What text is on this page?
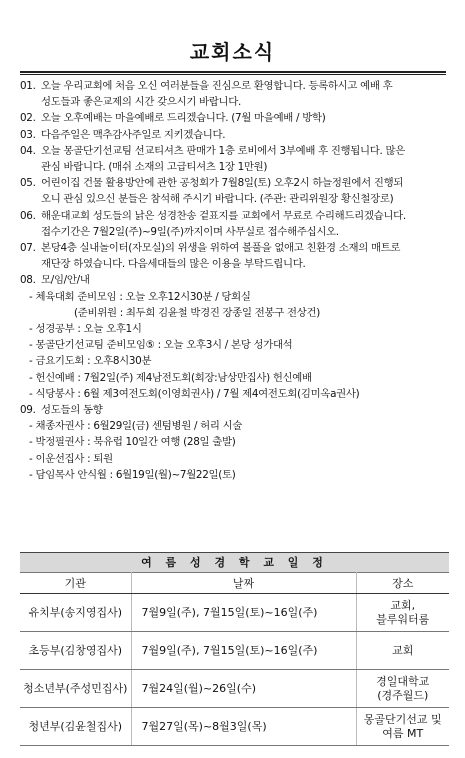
교회소식
01. 오늘 우리교회에 처음 오신 여러분들을 진심으로 환영합니다. 등록하시고 예배 후
성도들과 좋은교제의 시간 갖으시기 바랍니다.
02. 오늘 오후예배는 마을예배로 드리겠습니다. (7월 마을예배 / 방학)
03. 다음주일은 맥추감사주일로 지키겠습니다.
04. 오늘 몽골단기선교팀 선교티셔츠 판매가 1층 로비에서 3부예배 후 진행됩니다. 많은
관심 바랍니다. (매쉬 소재의 고급티셔츠 1장 1만원)
05. 어린이집 건물 활용방안에 관한 공청회가 7월8일(토) 오후2시 하늘정원에서 진행되
오니 관심 있으신 분들은 참석해 주시기 바랍니다. (주관: 관리위원장 황신철장로)
06. 해운대교회 성도들의 낡은 성경찬송 겉표지를 교회에서 무료로 수리해드리겠습니다.
접수기간은 7월2일(주)~9일(주)까지이며 사무실로 접수해주십시오.
07. 본당4층 실내놀이터(자모실)의 위생을 위하여 볼풀을 없애고 친환경 소재의 매트로
재단장 하였습니다. 다음세대들의 많은 이용을 부탁드립니다.
08. 모/임/안/내
- 체육대회 준비모임 : 오늘 오후12시30분 / 당회실
(준비위원 : 최두희 김윤철 박경진 장종일 전봉구 전상건)
- 성경공부 : 오늘 오후1시
- 몽골단기선교팀 준비모임⑤ : 오늘 오후3시 / 본당 성가대석
- 금요기도회 : 오후8시30분
- 헌신예배 : 7월2일(주) 제4남전도회(회장:남상만집사) 헌신예배
- 식당봉사 : 6월 제3여전도회(이영희권사) / 7월 제4여전도회(김미옥a권사)
09. 성도들의 동향
- 채종자권사 : 6월29일(금) 센텀병원 / 허리 시술
- 박정필권사 : 북유럽 10일간 여행 (28일 출발)
- 이운선집사 : 퇴원
- 담임목사 안식월 : 6월19일(월)~7월22일(토)
여 름 성 경 학 교 일 정
기관	날짜	장소
유치부(송지영집사)	7월9일(주), 7월15일(토)~16일(주)	교회,
블루워터룸
초등부(김창영집사)	7월9일(주), 7월15일(토)~16일(주)	교회
청소년부(주성민집사)	7월24일(월)~26일(수)	경일대학교
(경주월드)
청년부(김윤철집사)	7월27일(목)~8월3일(목)	몽골단기선교 및
여름 MT
